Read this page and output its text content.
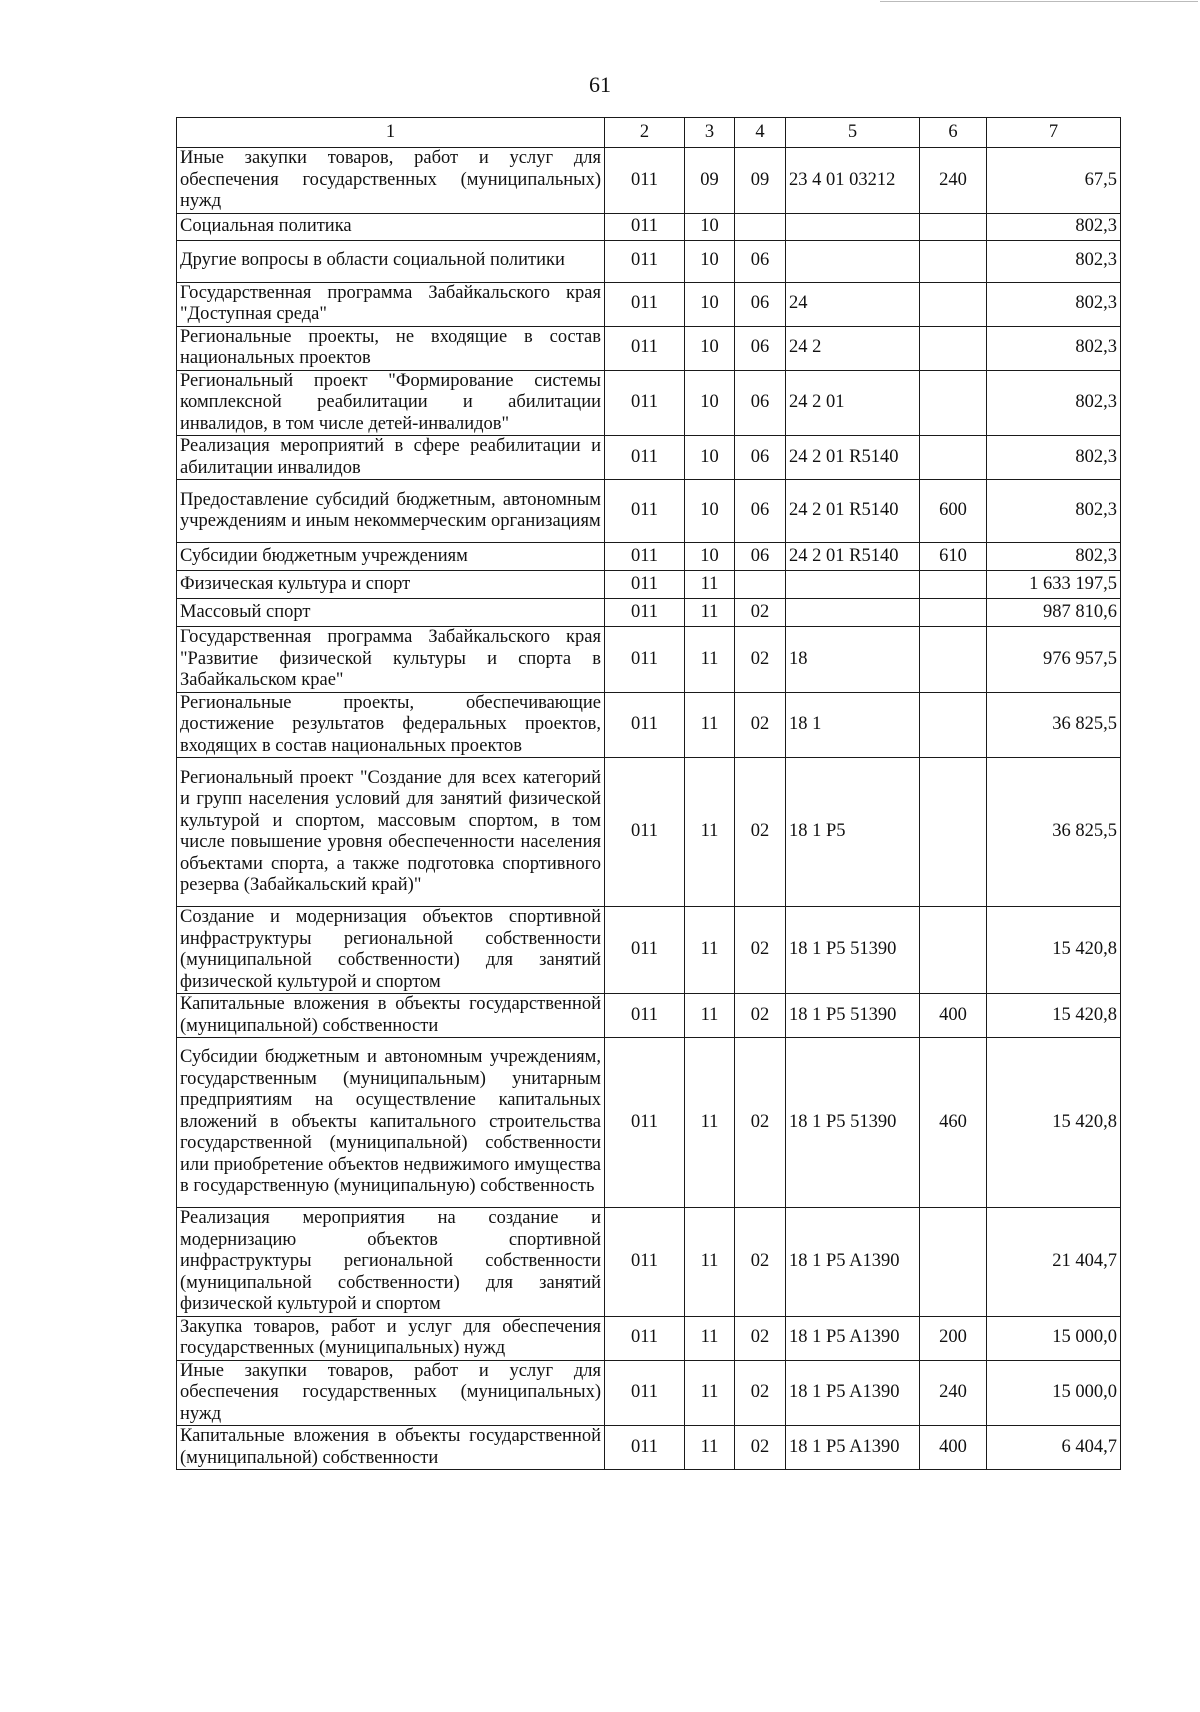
61
1	2	3	4	5	6	7
Иные закупки товаров, работ и услуг для обеспечения государственных (муниципальных) нужд	011	09	09	23 4 01 03212	240	67,5
Социальная политика	011	10				802,3
Другие вопросы в области социальной политики	011	10	06			802,3
Государственная программа Забайкальского края "Доступная среда"	011	10	06	24		802,3
Региональные проекты, не входящие в состав национальных проектов	011	10	06	24 2		802,3
Региональный проект "Формирование системы комплексной реабилитации и абилитации инвалидов, в том числе детей-инвалидов"	011	10	06	24 2 01		802,3
Реализация мероприятий в сфере реабилитации и абилитации инвалидов	011	10	06	24 2 01 R5140		802,3
Предоставление субсидий бюджетным, автономным учреждениям и иным некоммерческим организациям	011	10	06	24 2 01 R5140	600	802,3
Субсидии бюджетным учреждениям	011	10	06	24 2 01 R5140	610	802,3
Физическая культура и спорт	011	11				1 633 197,5
Массовый спорт	011	11	02			987 810,6
Государственная программа Забайкальского края "Развитие физической культуры и спорта в Забайкальском крае"	011	11	02	18		976 957,5
Региональные проекты, обеспечивающие достижение результатов федеральных проектов, входящих в состав национальных проектов	011	11	02	18 1		36 825,5
Региональный проект "Создание для всех категорий и групп населения условий для занятий физической культурой и спортом, массовым спортом, в том числе повышение уровня обеспеченности населения объектами спорта, а также подготовка спортивного резерва (Забайкальский край)"	011	11	02	18 1 P5		36 825,5
Создание и модернизация объектов спортивной инфраструктуры региональной собственности (муниципальной собственности) для занятий физической культурой и спортом	011	11	02	18 1 P5 51390		15 420,8
Капитальные вложения в объекты государственной (муниципальной) собственности	011	11	02	18 1 P5 51390	400	15 420,8
Субсидии бюджетным и автономным учреждениям, государственным (муниципальным) унитарным предприятиям на осуществление капитальных вложений в объекты капитального строительства государственной (муниципальной) собственности или приобретение объектов недвижимого имущества в государственную (муниципальную) собственность	011	11	02	18 1 P5 51390	460	15 420,8
Реализация мероприятия на создание и модернизацию объектов спортивной инфраструктуры региональной собственности (муниципальной собственности) для занятий физической культурой и спортом	011	11	02	18 1 P5 A1390		21 404,7
Закупка товаров, работ и услуг для обеспечения государственных (муниципальных) нужд	011	11	02	18 1 P5 A1390	200	15 000,0
Иные закупки товаров, работ и услуг для обеспечения государственных (муниципальных) нужд	011	11	02	18 1 P5 A1390	240	15 000,0
Капитальные вложения в объекты государственной (муниципальной) собственности	011	11	02	18 1 P5 A1390	400	6 404,7
